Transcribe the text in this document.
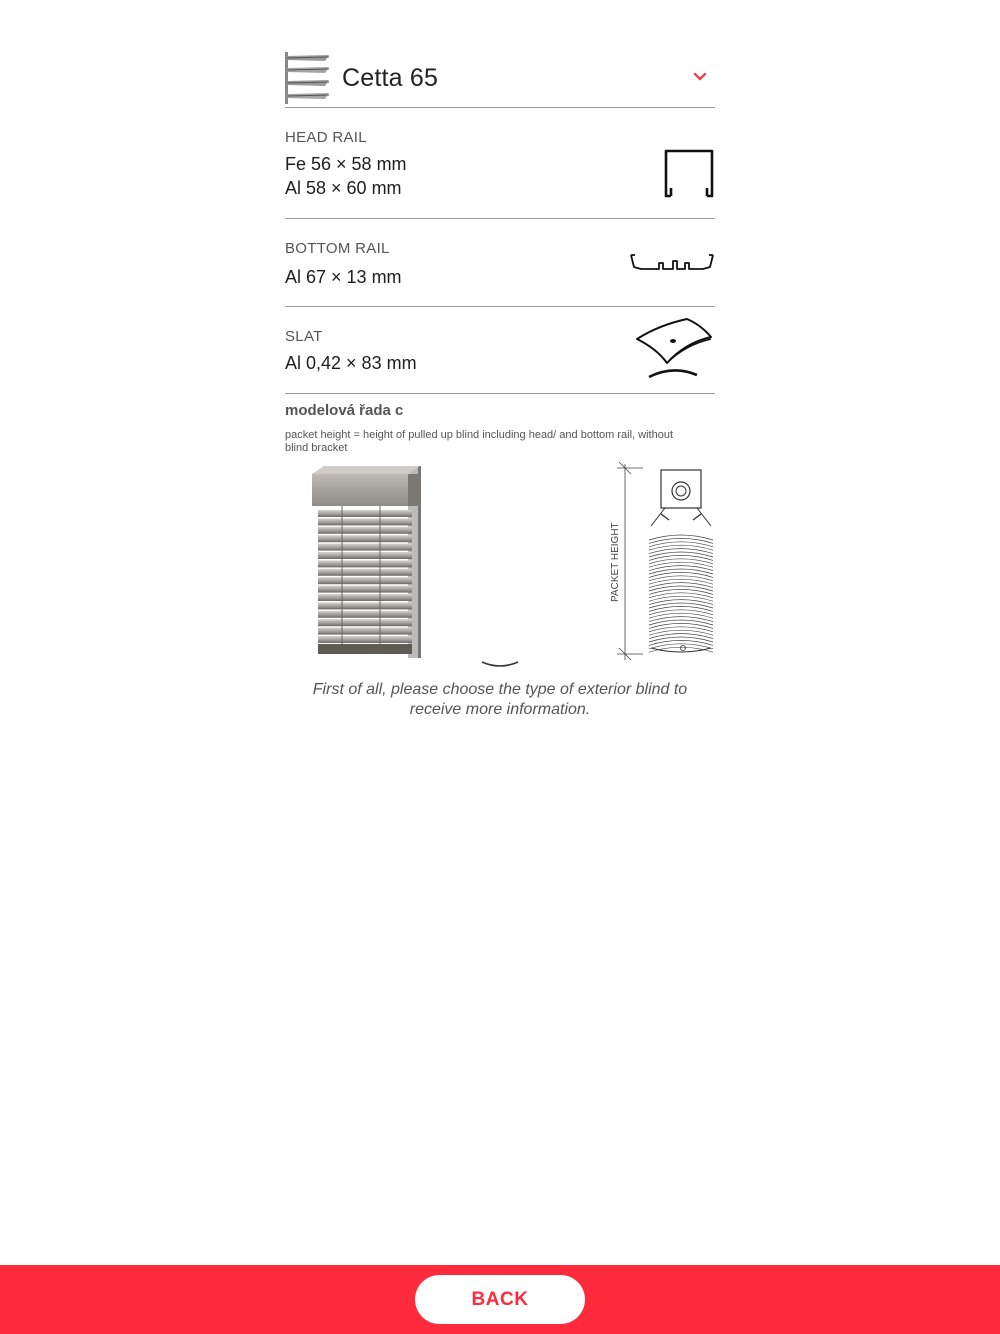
Cetta 65
HEAD RAIL
Fe 56 × 58 mm
Al 58 × 60 mm
BOTTOM RAIL
Al 67 × 13 mm
SLAT
Al 0,42 × 83 mm
modelová řada c
packet height = height of pulled up blind including head/ and bottom rail, without blind bracket
PACKET HEIGHT
First of all, please choose the type of exterior blind to receive more information.
BACK
